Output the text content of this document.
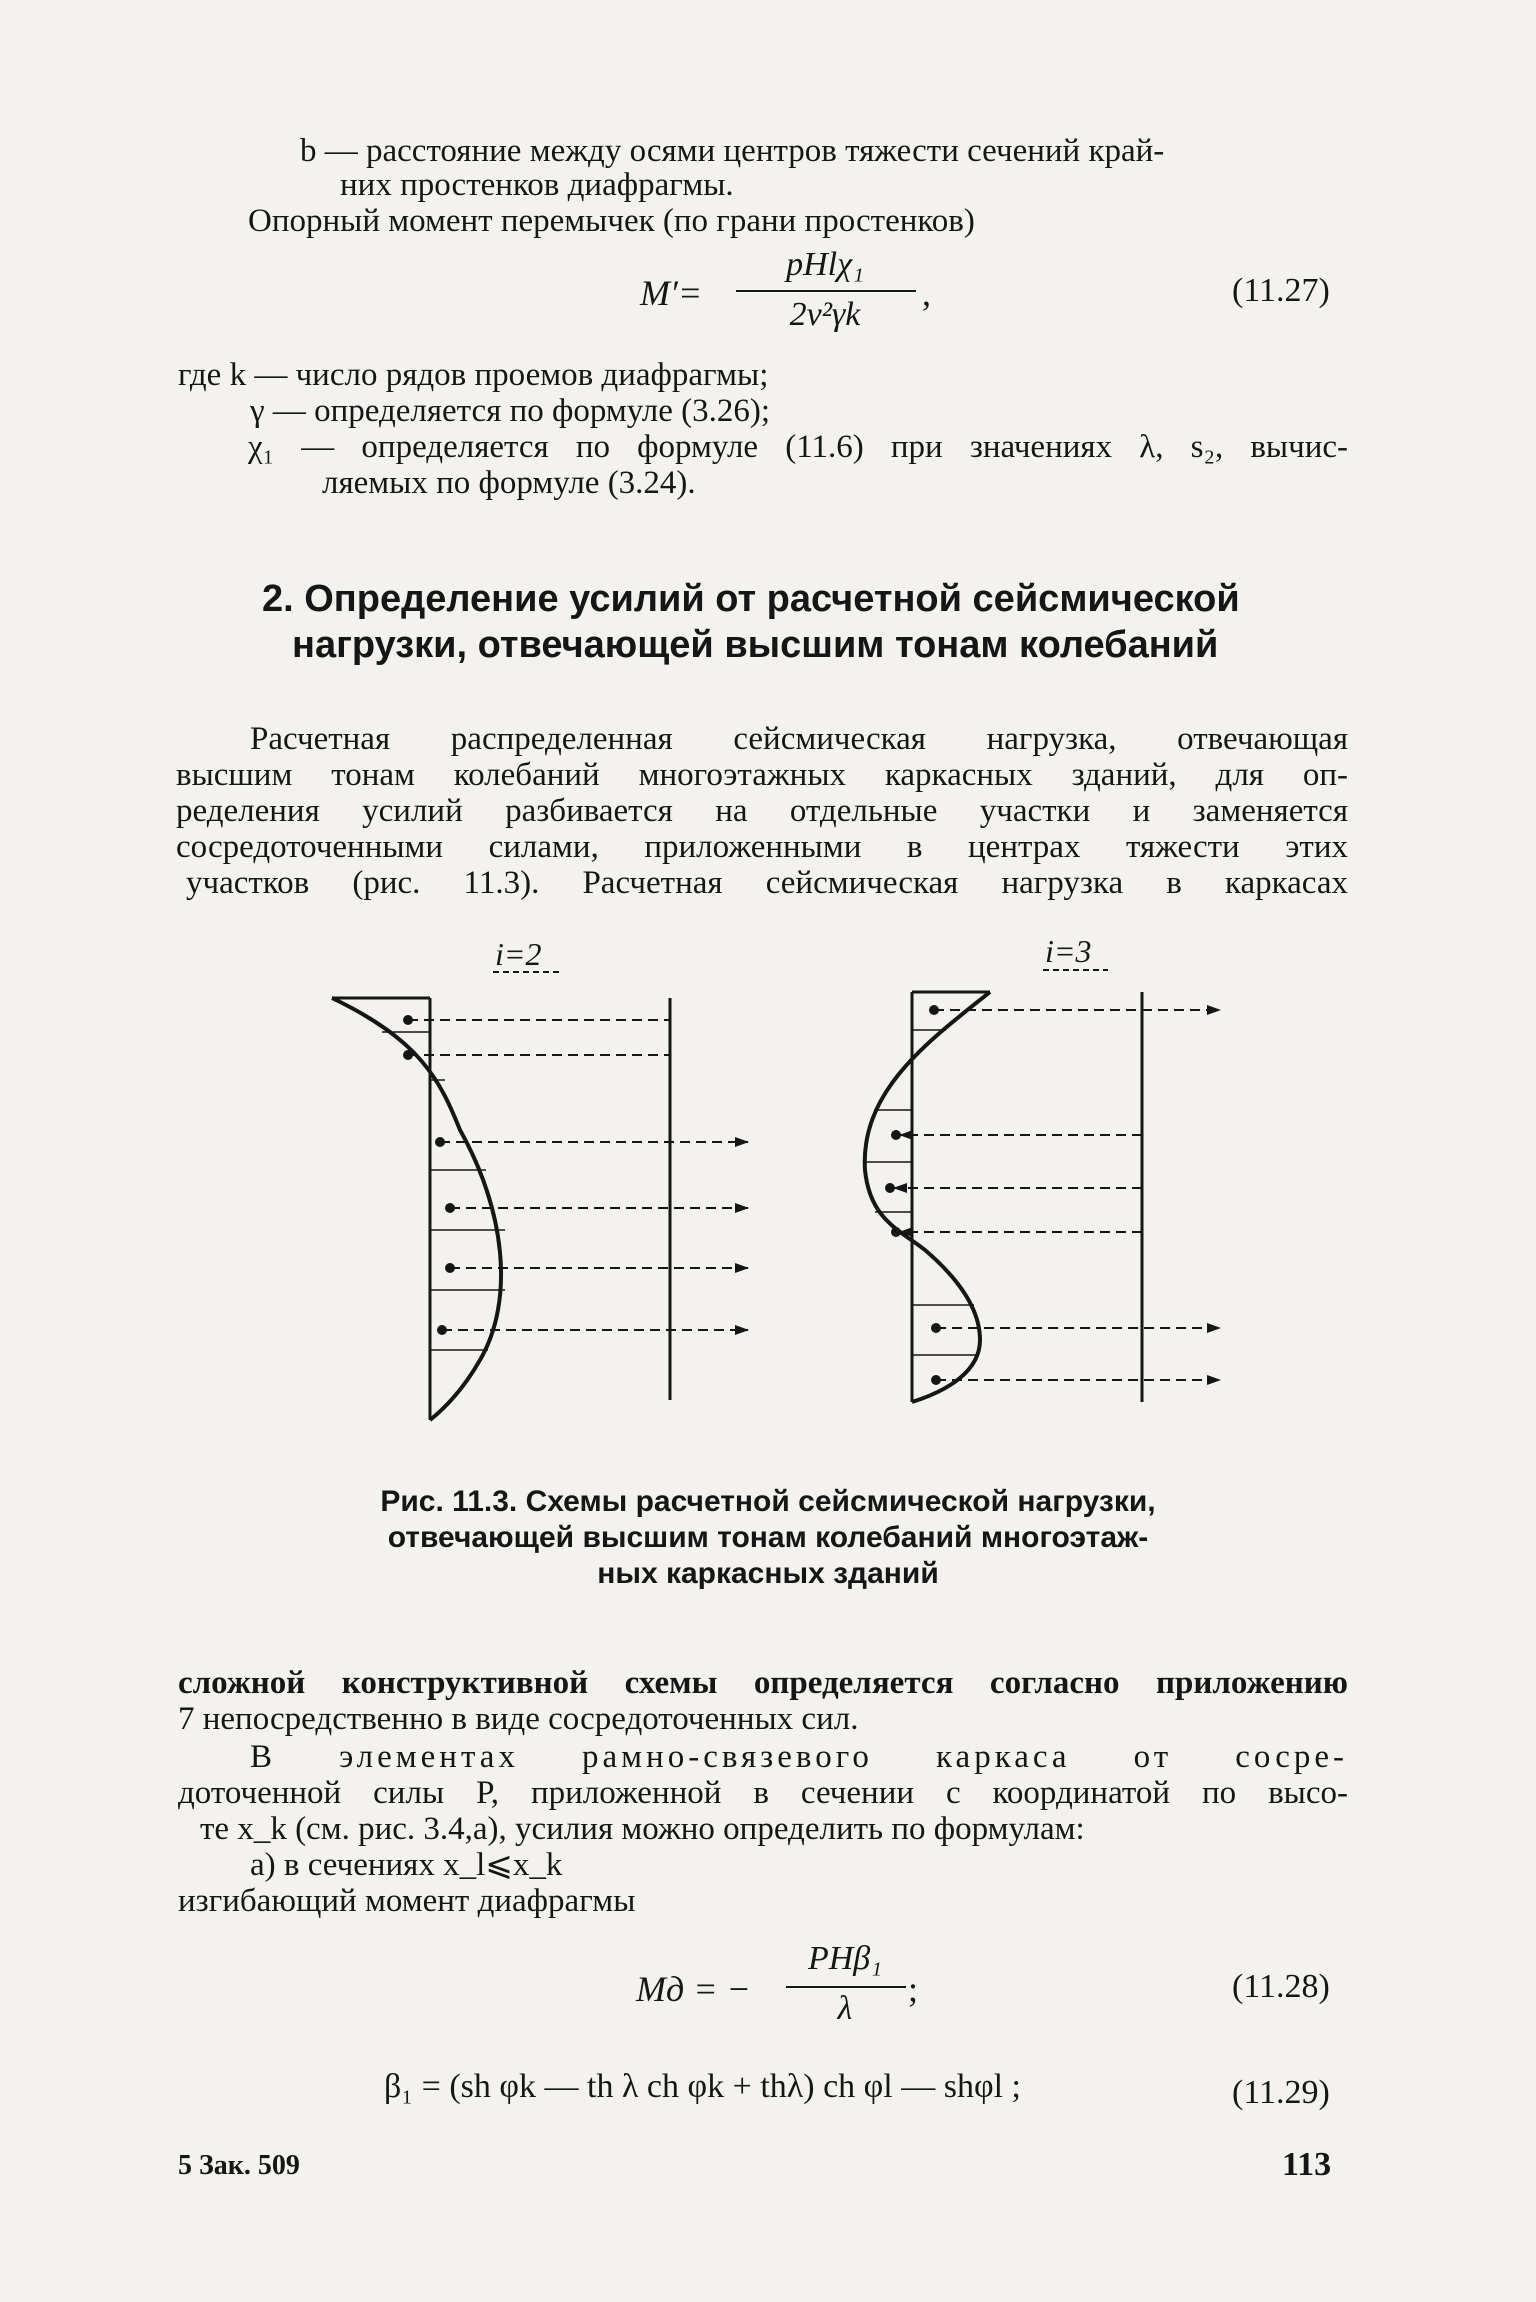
b — расстояние между осями центров тяжести сечений край-
них простенков диафрагмы.
Опорный момент перемычек (по грани простенков)
M′=
pHlχ₁
2ν²γk
,	(11.27)
где k — число рядов проемов диафрагмы;
γ — определяется по формуле (3.26);
χ₁ — определяется по формуле (11.6) при значениях λ, s₂, вычис-
ляемых по формуле (3.24).
2. Определение усилий от расчетной сейсмической
нагрузки, отвечающей высшим тонам колебаний
Расчетная распределенная сейсмическая нагрузка, отвечающая
высшим тонам колебаний многоэтажных каркасных зданий, для оп-
ределения усилий разбивается на отдельные участки и заменяется
сосредоточенными силами, приложенными в центрах тяжести этих
участков (рис. 11.3). Расчетная сейсмическая нагрузка в каркасах
i=2	i=3
Рис. 11.3. Схемы расчетной сейсмической нагрузки,
отвечающей высшим тонам колебаний многоэтаж-
ных каркасных зданий
сложной конструктивной схемы определяется согласно приложению
7 непосредственно в виде сосредоточенных сил.
В элементах рамно-связевого каркаса от сосре-
доточенной силы P, приложенной в сечении с координатой по высо-
те x_k (см. рис. 3.4,а), усилия можно определить по формулам:
а) в сечениях x_l⩽x_k
изгибающий момент диафрагмы
Mд = −
PHβ₁
λ	;	(11.28)
β₁ = (sh φk — th λ ch φk + thλ) ch φl — shφl ;	(11.29)
5 Зак. 509	113
